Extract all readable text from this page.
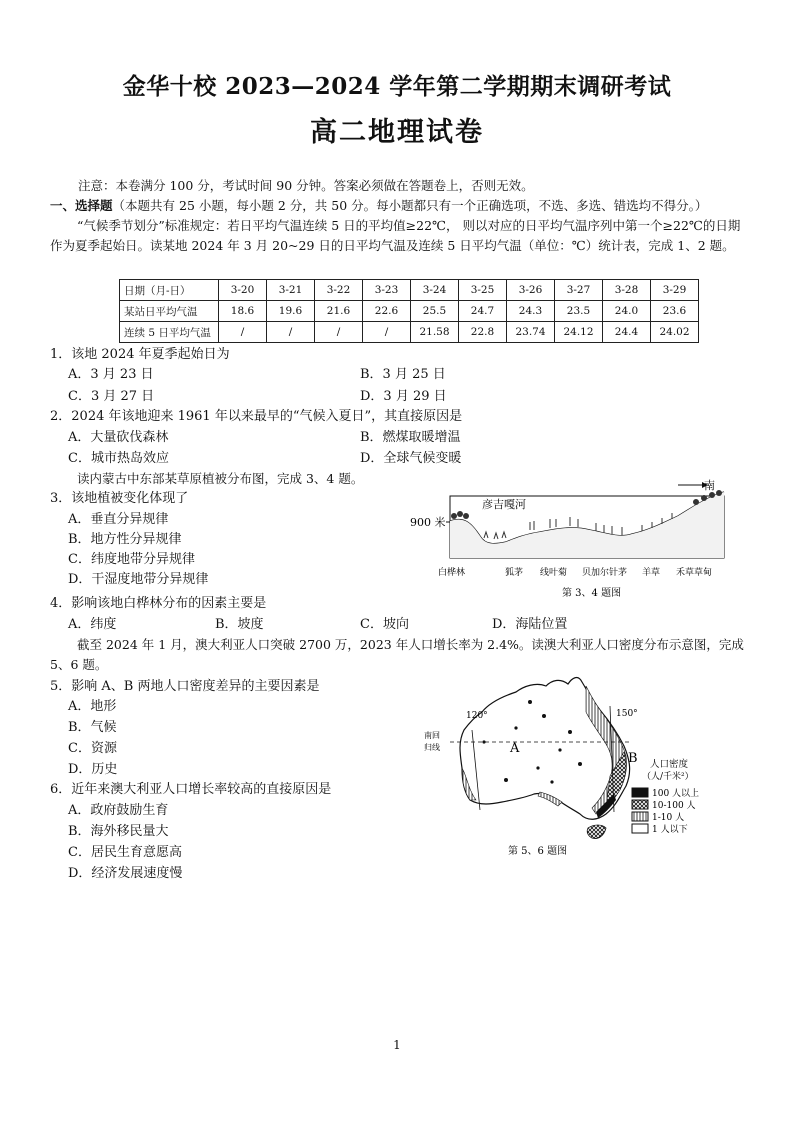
金华十校 2023—2024 学年第二学期期末调研考试
高二地理试卷
注意：本卷满分 100 分，考试时间 90 分钟。答案必须做在答题卷上，否则无效。
一、选择题（本题共有 25 小题，每小题 2 分，共 50 分。每小题都只有一个正确选项，不选、多选、错选均不得分。）
“气候季节划分”标准规定：若日平均气温连续 5 日的平均值≥22℃， 则以对应的日平均气温序列中第一个≥22℃的日期作为夏季起始日。读某地 2024 年 3 月 20~29 日的日平均气温及连续 5 日平均气温（单位：℃）统计表，完成 1、2 题。
日期（月-日）	3-20	3-21	3-22	3-23	3-24	3-25	3-26	3-27	3-28	3-29
某站日平均气温	18.6	19.6	21.6	22.6	25.5	24.7	24.3	23.5	24.0	23.6
连续 5 日平均气温	/	/	/	/	21.58	22.8	23.74	24.12	24.4	24.02
1．该地 2024 年夏季起始日为
A．3 月 23 日	B．3 月 25 日
C．3 月 27 日	D．3 月 29 日
2．2024 年该地迎来 1961 年以来最早的“气候入夏日”，其直接原因是
A．大量砍伐森林	B．燃煤取暖增温
C．城市热岛效应	D．全球气候变暖
读内蒙古中东部某草原植被分布图，完成 3、4 题。
3．该地植被变化体现了
A．垂直分异规律
B．地方性分异规律
C．纬度地带分异规律
D．干湿度地带分异规律
南
彦吉嘎河
900 米
白桦林	狐茅 线叶菊 贝加尔针茅 羊草 禾草草甸
第 3、4 题图
4．影响该地白桦林分布的因素主要是
A．纬度	B．坡度	C．坡向	D．海陆位置
截至 2024 年 1 月，澳大利亚人口突破 2700 万，2023 年人口增长率为 2.4%。读澳大利亚人口密度分布示意图，完成 5、6 题。
5．影响 A、B 两地人口密度差异的主要因素是
A．地形
B．气候
C．资源
D．历史
6．近年来澳大利亚人口增长率较高的直接原因是
A．政府鼓励生育
B．海外移民量大
C．居民生育意愿高
D．经济发展速度慢
120°	150°
南回
归线	A
B 人口密度
（人/千米²）
100 人以上
10-100 人
1-10 人
1 人以下
第 5、6 题图
1
